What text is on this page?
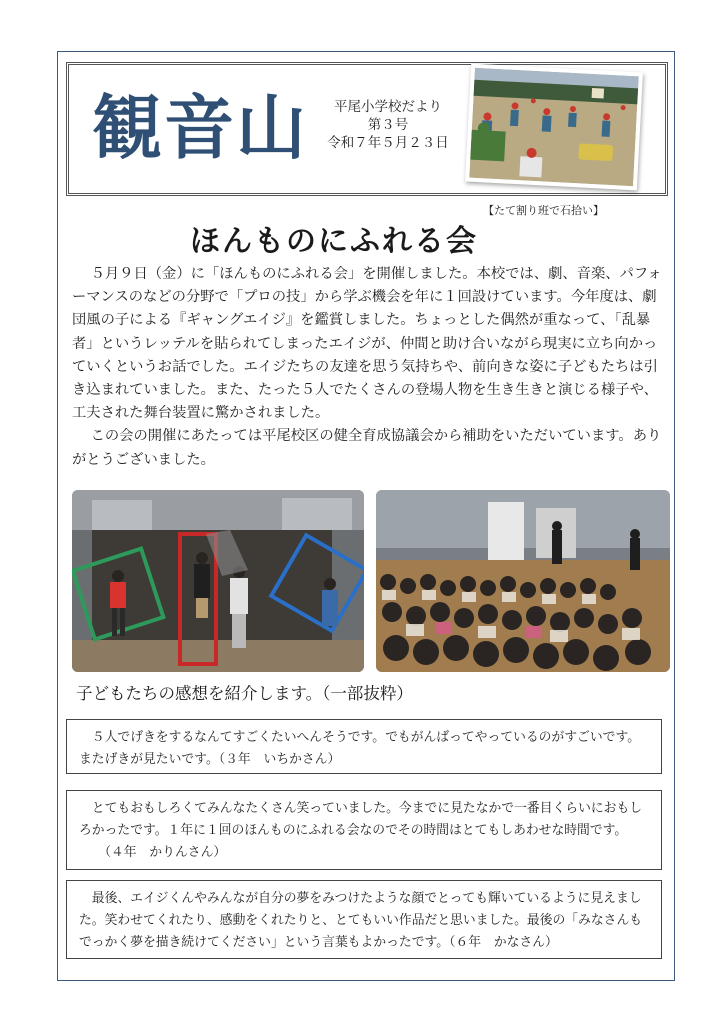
観音山	平尾小学校だより
第３号
令和７年５月２３日
【たて割り班で石拾い】
ほんものにふれる会

５月９日（金）に「ほんものにふれる会」を開催しました。本校では、劇、音楽、パフォーマンスのなどの分野で「プロの技」から学ぶ機会を年に１回設けています。今年度は、劇団風の子による『ギャングエイジ』を鑑賞しました。ちょっとした偶然が重なって、「乱暴者」というレッテルを貼られてしまったエイジが、仲間と助け合いながら現実に立ち向かっていくというお話でした。エイジたちの友達を思う気持ちや、前向きな姿に子どもたちは引き込まれていました。また、たった５人でたくさんの登場人物を生き生きと演じる様子や、工夫された舞台装置に驚かされました。

この会の開催にあたっては平尾校区の健全育成協議会から補助をいただいています。ありがとうございました。

子どもたちの感想を紹介します。（一部抜粋）
５人でげきをするなんてすごくたいへんそうです。でもがんばってやっているのがすごいです。またげきが見たいです。（３年　いちかさん）
とてもおもしろくてみんなたくさん笑っていました。今までに見たなかで一番目くらいにおもしろかったです。１年に１回のほんものにふれる会なのでその時間はとてもしあわせな時間です。
（４年　かりんさん）
最後、エイジくんやみんなが自分の夢をみつけたような顔でとっても輝いているように見えました。笑わせてくれたり、感動をくれたりと、とてもいい作品だと思いました。最後の「みなさんもでっかく夢を描き続けてください」という言葉もよかったです。（６年　かなさん）
